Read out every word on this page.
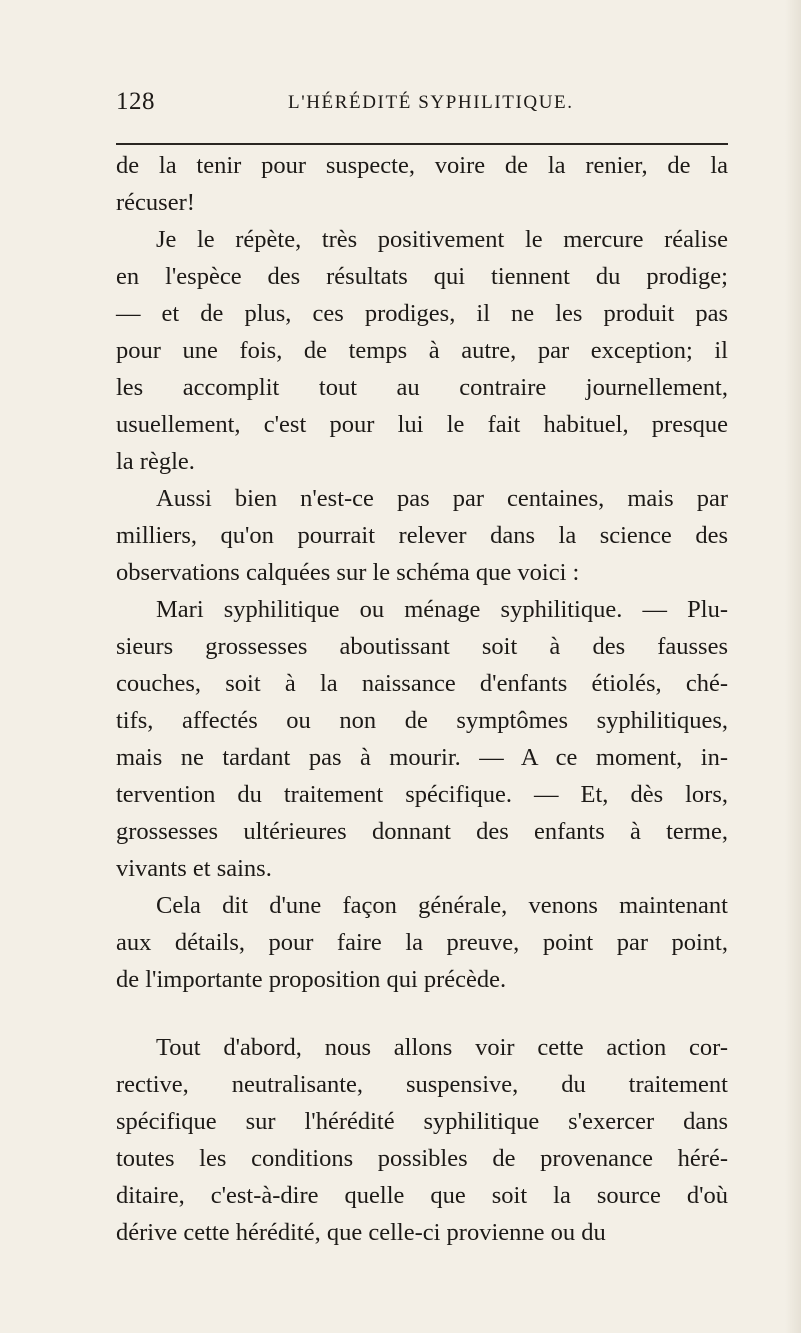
128	L'HÉRÉDITÉ SYPHILITIQUE.
de la tenir pour suspecte, voire de la renier, de la
récuser!
Je le répète, très positivement le mercure réalise
en l'espèce des résultats qui tiennent du prodige;
— et de plus, ces prodiges, il ne les produit pas
pour une fois, de temps à autre, par exception; il
les accomplit tout au contraire journellement,
usuellement, c'est pour lui le fait habituel, presque
la règle.
Aussi bien n'est-ce pas par centaines, mais par
milliers, qu'on pourrait relever dans la science des
observations calquées sur le schéma que voici :
Mari syphilitique ou ménage syphilitique. — Plu-
sieurs grossesses aboutissant soit à des fausses
couches, soit à la naissance d'enfants étiolés, ché-
tifs, affectés ou non de symptômes syphilitiques,
mais ne tardant pas à mourir. — A ce moment, in-
tervention du traitement spécifique. — Et, dès lors,
grossesses ultérieures donnant des enfants à terme,
vivants et sains.
Cela dit d'une façon générale, venons maintenant
aux détails, pour faire la preuve, point par point,
de l'importante proposition qui précède.
Tout d'abord, nous allons voir cette action cor-
rective, neutralisante, suspensive, du traitement
spécifique sur l'hérédité syphilitique s'exercer dans
toutes les conditions possibles de provenance héré-
ditaire, c'est-à-dire quelle que soit la source d'où
dérive cette hérédité, que celle-ci provienne ou du
